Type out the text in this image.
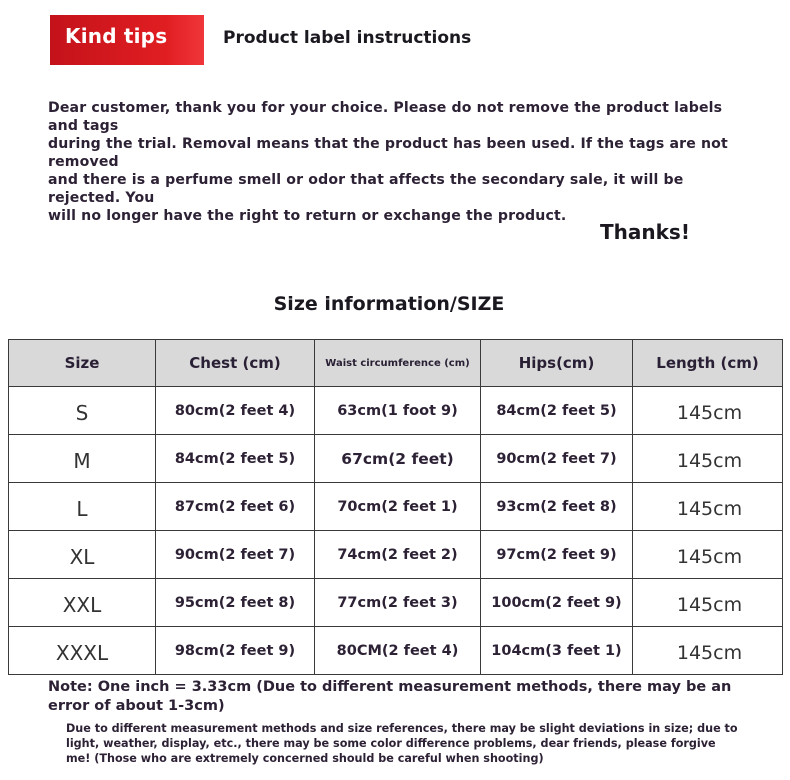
Kind tips	Product label instructions
Dear customer, thank you for your choice. Please do not remove the product labels and tags
during the trial. Removal means that the product has been used. If the tags are not removed
and there is a perfume smell or odor that affects the secondary sale, it will be rejected. You
will no longer have the right to return or exchange the product.
Thanks!
Size information/SIZE
Size	Chest (cm)	Waist circumference (cm)	Hips(cm)	Length (cm)
S	80cm(2 feet 4)	63cm(1 foot 9)	84cm(2 feet 5)	145cm
M	84cm(2 feet 5)	67cm(2 feet)	90cm(2 feet 7)	145cm
L	87cm(2 feet 6)	70cm(2 feet 1)	93cm(2 feet 8)	145cm
XL	90cm(2 feet 7)	74cm(2 feet 2)	97cm(2 feet 9)	145cm
XXL	95cm(2 feet 8)	77cm(2 feet 3)	100cm(2 feet 9)	145cm
XXXL	98cm(2 feet 9)	80CM(2 feet 4)	104cm(3 feet 1)	145cm
Note: One inch = 3.33cm (Due to different measurement methods, there may be an
error of about 1-3cm)
Due to different measurement methods and size references, there may be slight deviations in size; due to
light, weather, display, etc., there may be some color difference problems, dear friends, please forgive
me! (Those who are extremely concerned should be careful when shooting)
